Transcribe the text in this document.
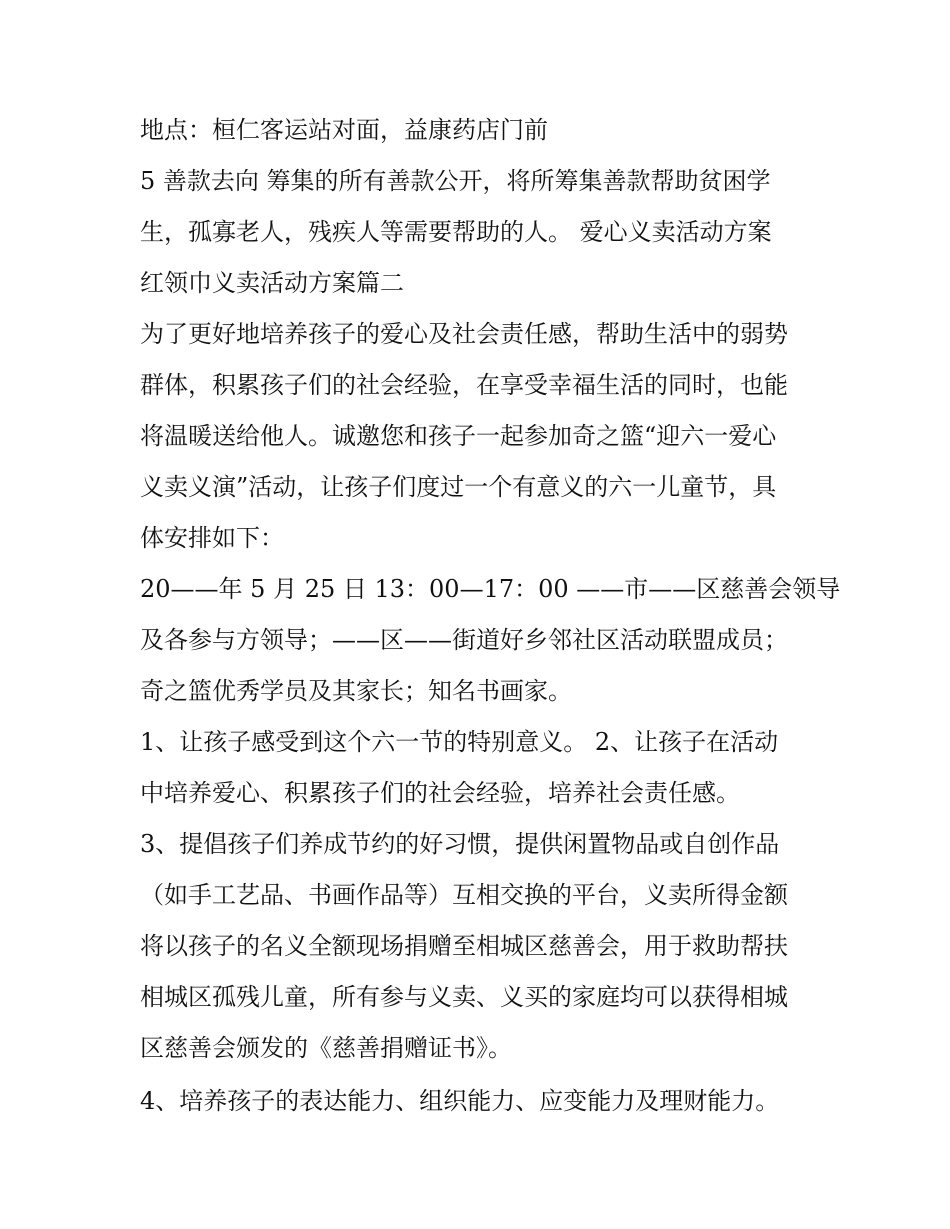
地点：桓仁客运站对面，益康药店门前
5 善款去向 筹集的所有善款公开，将所筹集善款帮助贫困学
生，孤寡老人，残疾人等需要帮助的人。 爱心义卖活动方案
红领巾义卖活动方案篇二
为了更好地培养孩子的爱心及社会责任感，帮助生活中的弱势
群体，积累孩子们的社会经验，在享受幸福生活的同时，也能
将温暖送给他人。诚邀您和孩子一起参加奇之篮“迎六一爱心
义卖义演”活动，让孩子们度过一个有意义的六一儿童节，具
体安排如下：
20——年 5 月 25 日 13：00—17：00 ——市——区慈善会领导
及各参与方领导；——区——街道好乡邻社区活动联盟成员；
奇之篮优秀学员及其家长；知名书画家。
1、让孩子感受到这个六一节的特别意义。 2、让孩子在活动
中培养爱心、积累孩子们的社会经验，培养社会责任感。
3、提倡孩子们养成节约的好习惯，提供闲置物品或自创作品
（如手工艺品、书画作品等）互相交换的平台，义卖所得金额
将以孩子的名义全额现场捐赠至相城区慈善会，用于救助帮扶
相城区孤残儿童，所有参与义卖、义买的家庭均可以获得相城
区慈善会颁发的《慈善捐赠证书》。
4、培养孩子的表达能力、组织能力、应变能力及理财能力。
